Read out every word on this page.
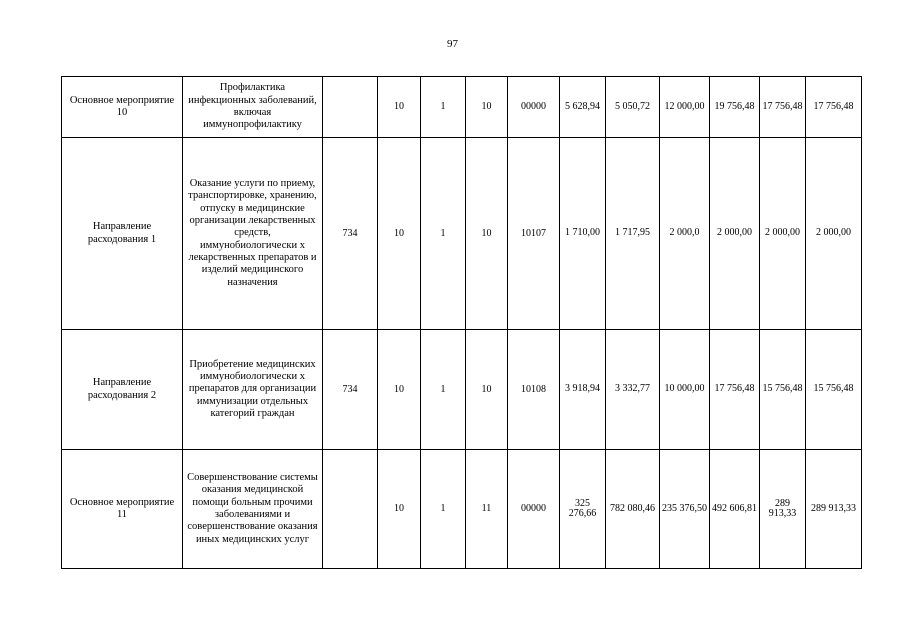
97
Основное мероприятие 10	Профилактика инфекционных заболеваний, включая иммунопрофилактику		10	1	10	00000	5 628,94	5 050,72	12 000,00	19 756,48	17 756,48	17 756,48
Направление расходования 1	Оказание услуги по приему, транспортировке, хранению, отпуску в медицинские организации лекарственных средств, иммунобиологически х лекарственных препаратов и изделий медицинского назначения	734	10	1	10	10107	1 710,00	1 717,95	2 000,0	2 000,00	2 000,00	2 000,00
Направление расходования 2	Приобретение медицинских иммунобиологически х препаратов для организации иммунизации отдельных категорий граждан	734	10	1	10	10108	3 918,94	3 332,77	10 000,00	17 756,48	15 756,48	15 756,48
Основное мероприятие 11	Совершенствование системы оказания медицинской помощи больным прочими заболеваниями и совершенствование оказания иных медицинских услуг		10	1	11	00000	325 276,66	782 080,46	235 376,50	492 606,81	289 913,33	289 913,33
